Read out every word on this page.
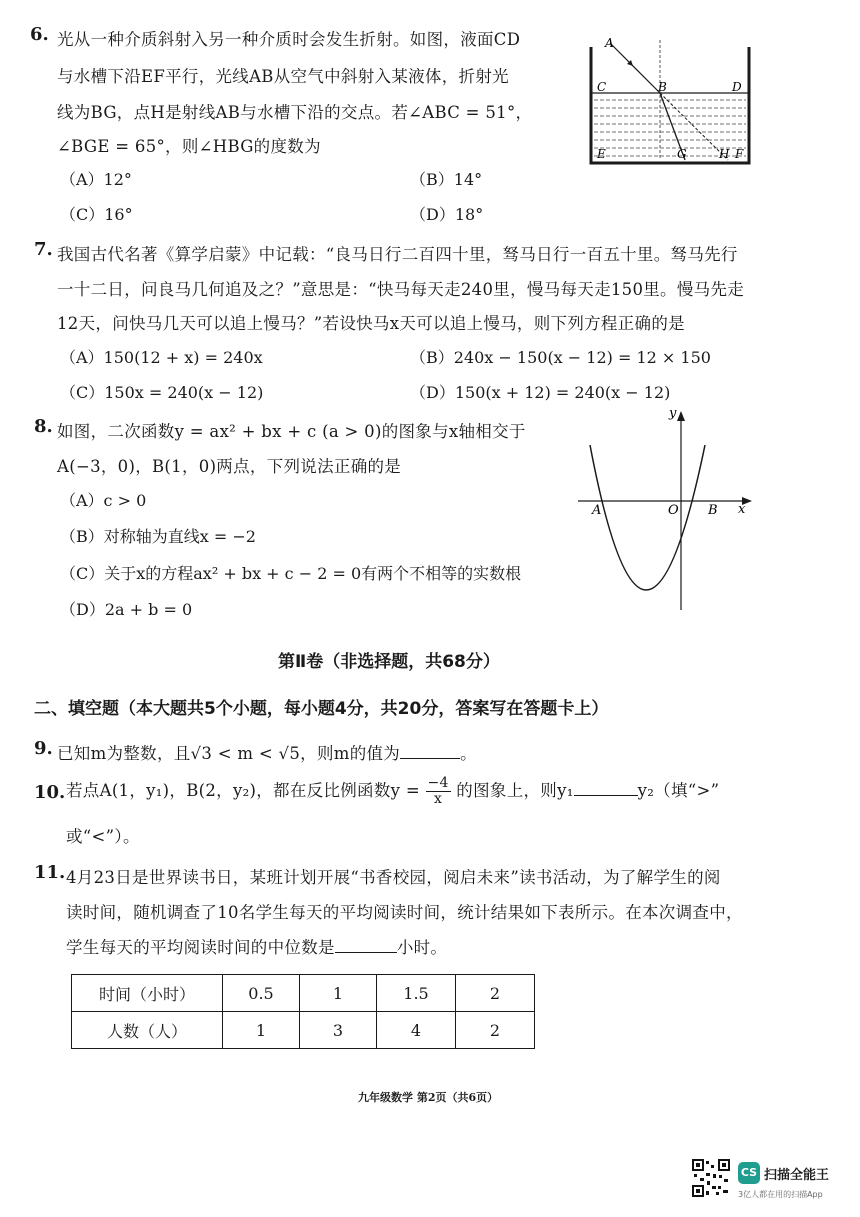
6. 光从一种介质斜射入另一种介质时会发生折射。如图，液面CD
与水槽下沿EF平行，光线AB从空气中斜射入某液体，折射光
线为BG，点H是射线AB与水槽下沿的交点。若∠ABC = 51°，
∠BGE = 65°，则∠HBG的度数为
（A）12°	（B）14°
（C）16°	（D）18°
A
C	B	D
E	G	H F
7. 我国古代名著《算学启蒙》中记载：“良马日行二百四十里，驽马日行一百五十里。驽马先行
一十二日，问良马几何追及之？”意思是：“快马每天走240里，慢马每天走150里。慢马先走
12天，问快马几天可以追上慢马？”若设快马x天可以追上慢马，则下列方程正确的是
（A）150(12 + x) = 240x	（B）240x − 150(x − 12) = 12 × 150
（C）150x = 240(x − 12)	（D）150(x + 12) = 240(x − 12)
8. 如图，二次函数y = ax² + bx + c (a > 0)的图象与x轴相交于
A(−3，0)，B(1，0)两点，下列说法正确的是
（A）c > 0
（B）对称轴为直线x = −2
（C）关于x的方程ax² + bx + c − 2 = 0有两个不相等的实数根
（D）2a + b = 0
y
x
O
A	B
第Ⅱ卷（非选择题，共68分）
二、填空题（本大题共5个小题，每小题4分，共20分，答案写在答题卡上）
9. 已知m为整数，且√3 < m < √5，则m的值为	。
10. 若点A(1，y₁)，B(2，y₂)，都在反比例函数$y = \frac{-4}{x}$ 的图象上，则y₁	y₂（填“>”
或“<”）。
11. 4月23日是世界读书日，某班计划开展“书香校园，阅启未来”读书活动，为了解学生的阅
读时间，随机调查了10名学生每天的平均阅读时间，统计结果如下表所示。在本次调查中，
学生每天的平均阅读时间的中位数是	小时。
时间（小时）	0.5	1	1.5	2
人数（人）	1	3	4	2
九年级数学 第2页（共6页）
CS 扫描全能王
3亿人都在用的扫描App
